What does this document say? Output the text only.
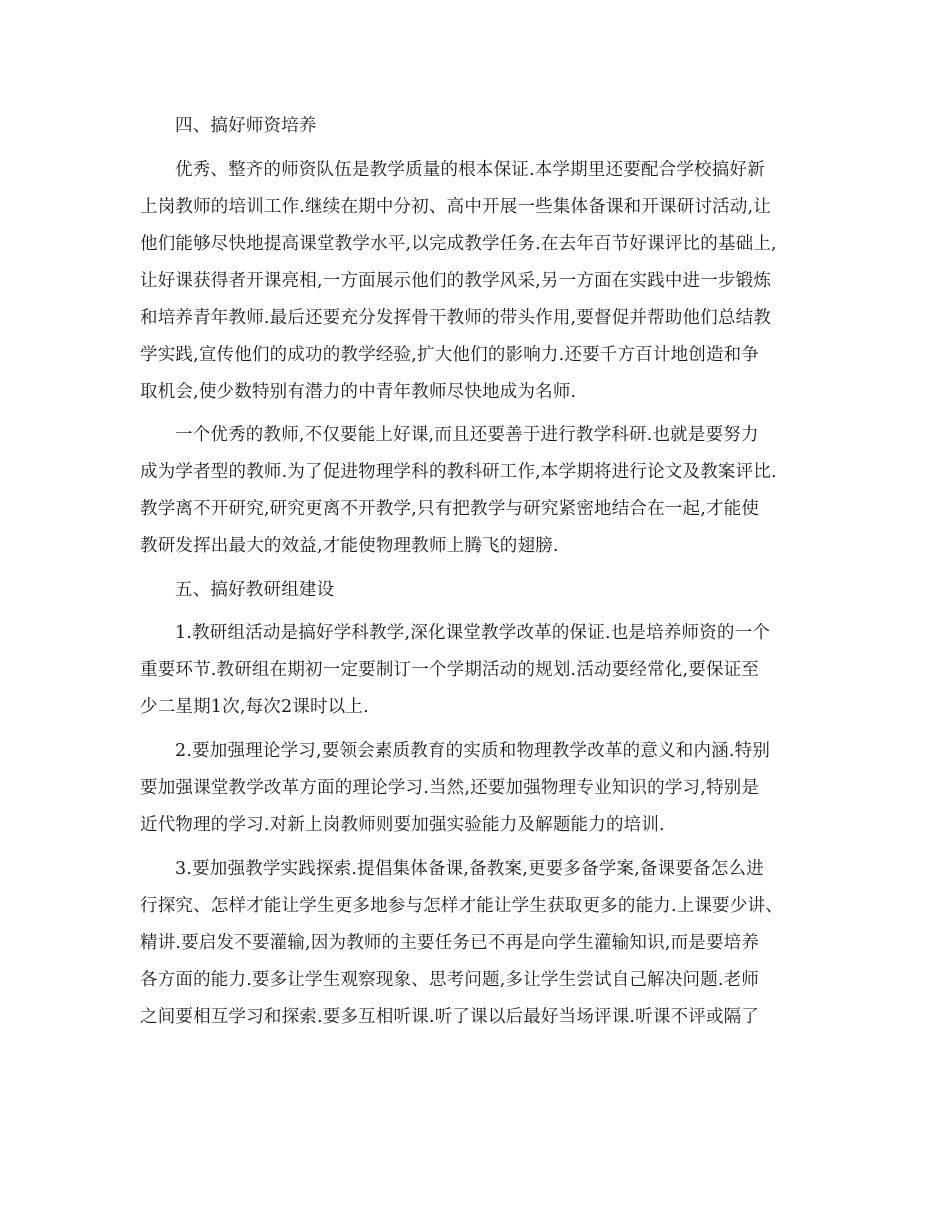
四、搞好师资培养
优秀、整齐的师资队伍是教学质量的根本保证.本学期里还要配合学校搞好新
上岗教师的培训工作.继续在期中分初、高中开展一些集体备课和开课研讨活动,让
他们能够尽快地提高课堂教学水平,以完成教学任务.在去年百节好课评比的基础上,
让好课获得者开课亮相,一方面展示他们的教学风采,另一方面在实践中进一步锻炼
和培养青年教师.最后还要充分发挥骨干教师的带头作用,要督促并帮助他们总结教
学实践,宣传他们的成功的教学经验,扩大他们的影响力.还要千方百计地创造和争
取机会,使少数特别有潜力的中青年教师尽快地成为名师.
一个优秀的教师,不仅要能上好课,而且还要善于进行教学科研.也就是要努力
成为学者型的教师.为了促进物理学科的教科研工作,本学期将进行论文及教案评比.
教学离不开研究,研究更离不开教学,只有把教学与研究紧密地结合在一起,才能使
教研发挥出最大的效益,才能使物理教师上腾飞的翅膀.
五、搞好教研组建设
1.教研组活动是搞好学科教学,深化课堂教学改革的保证.也是培养师资的一个
重要环节.教研组在期初一定要制订一个学期活动的规划.活动要经常化,要保证至
少二星期1次,每次2课时以上.
2.要加强理论学习,要领会素质教育的实质和物理教学改革的意义和内涵.特别
要加强课堂教学改革方面的理论学习.当然,还要加强物理专业知识的学习,特别是
近代物理的学习.对新上岗教师则要加强实验能力及解题能力的培训.
3.要加强教学实践探索.提倡集体备课,备教案,更要多备学案,备课要备怎么进
行探究、怎样才能让学生更多地参与怎样才能让学生获取更多的能力.上课要少讲、
精讲.要启发不要灌输,因为教师的主要任务已不再是向学生灌输知识,而是要培养
各方面的能力.要多让学生观察现象、思考问题,多让学生尝试自己解决问题.老师
之间要相互学习和探索.要多互相听课.听了课以后最好当场评课.听课不评或隔了
